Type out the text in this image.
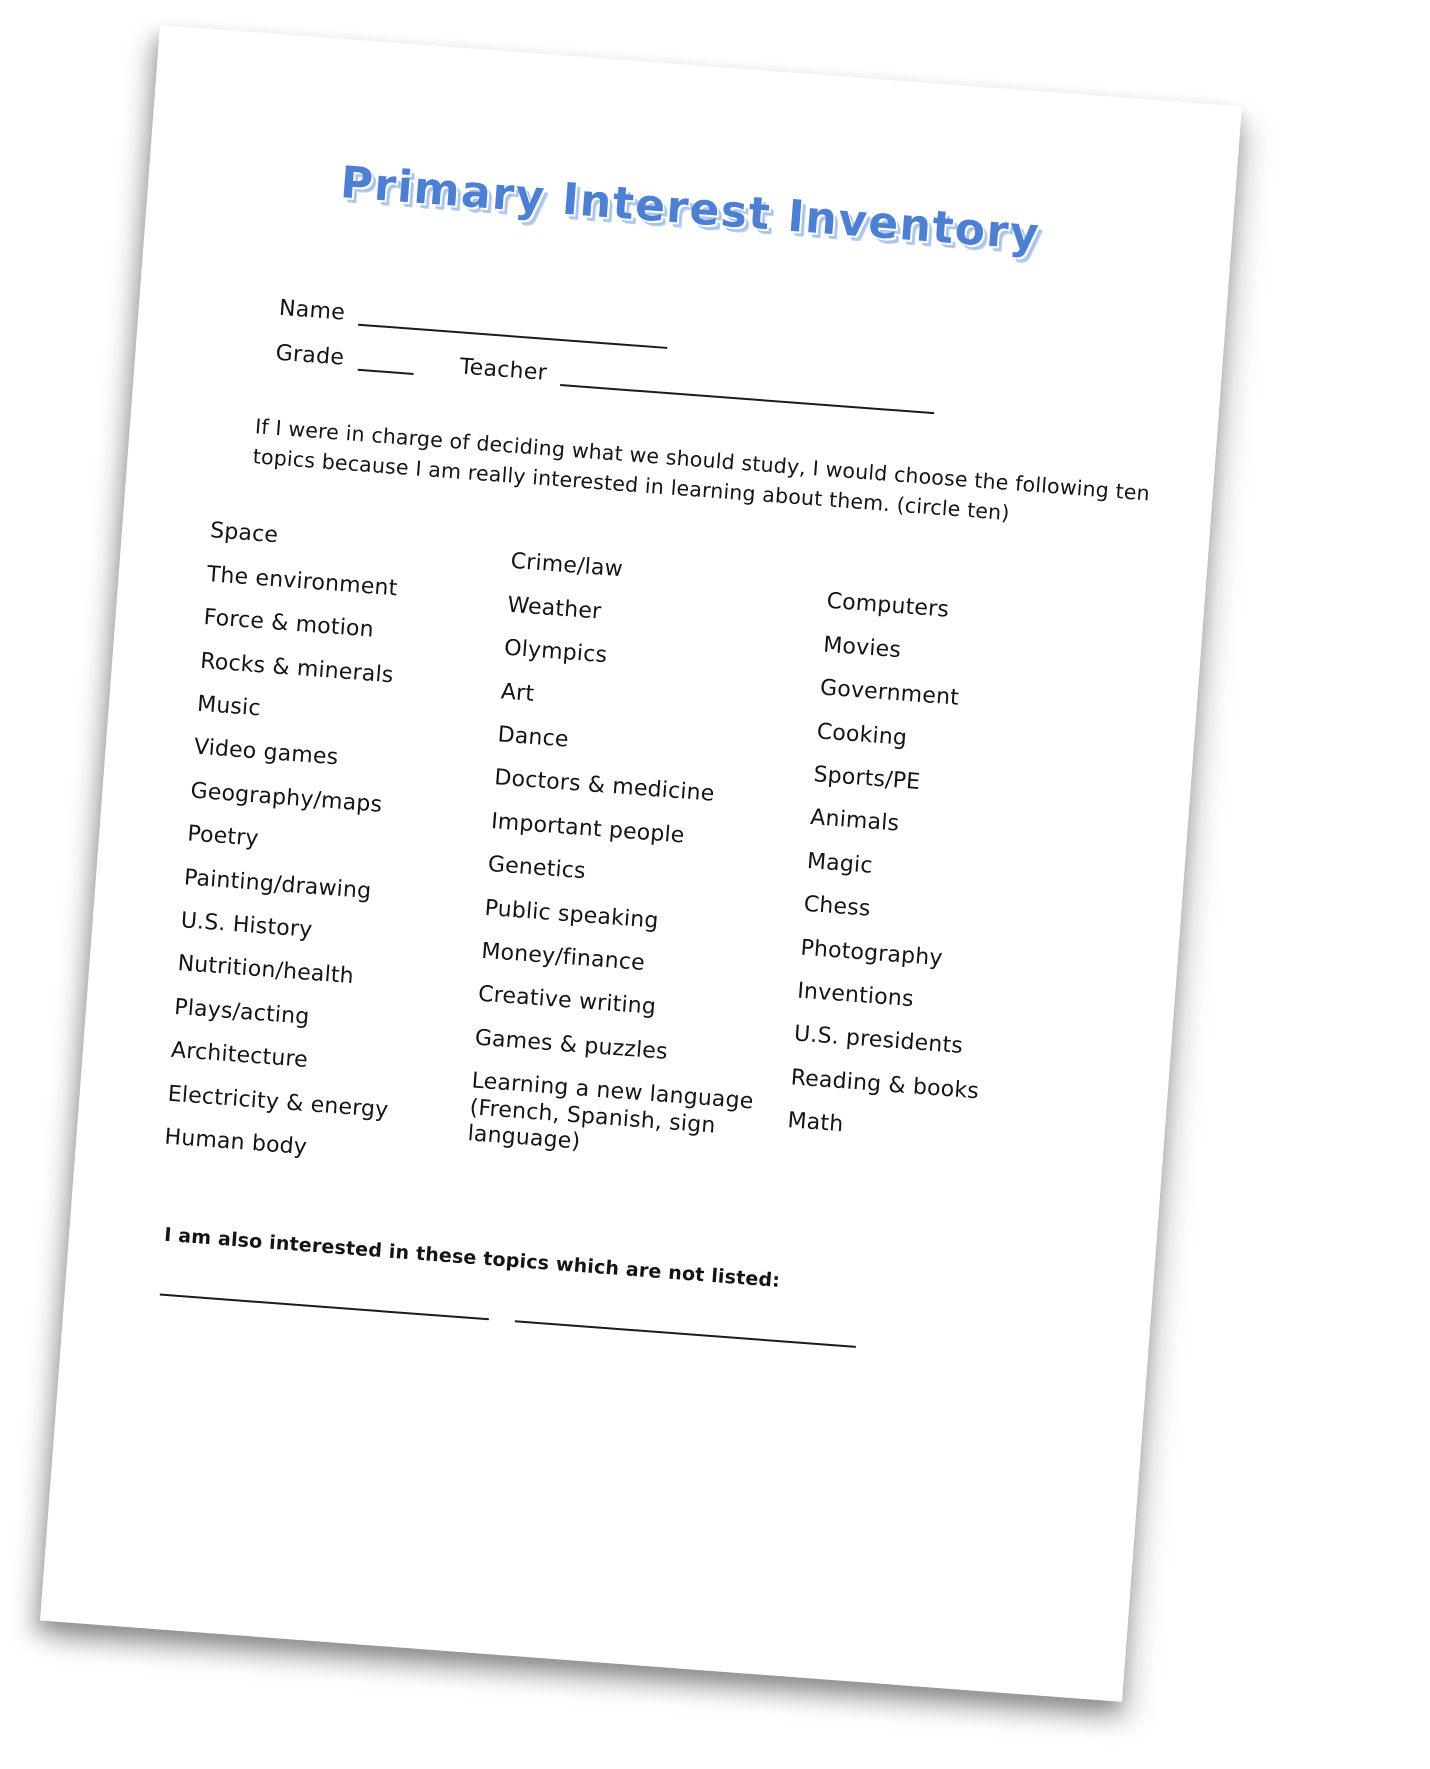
Primary Interest Inventory
Name
Grade	Teacher

If I were in charge of deciding what we should study, I would choose the following ten topics because I am really interested in learning about them. (circle ten)

Space
The environment
Force & motion
Rocks & minerals
Music
Video games
Geography/maps
Poetry
Painting/drawing
U.S. History
Nutrition/health
Plays/acting
Architecture
Electricity & energy
Human body
Crime/law
Weather
Olympics
Art
Dance
Doctors & medicine
Important people
Genetics
Public speaking
Money/finance
Creative writing
Games & puzzles
Learning a new language (French, Spanish, sign language)
Computers
Movies
Government
Cooking
Sports/PE
Animals
Magic
Chess
Photography
Inventions
U.S. presidents
Reading & books
Math

I am also interested in these topics which are not listed:
